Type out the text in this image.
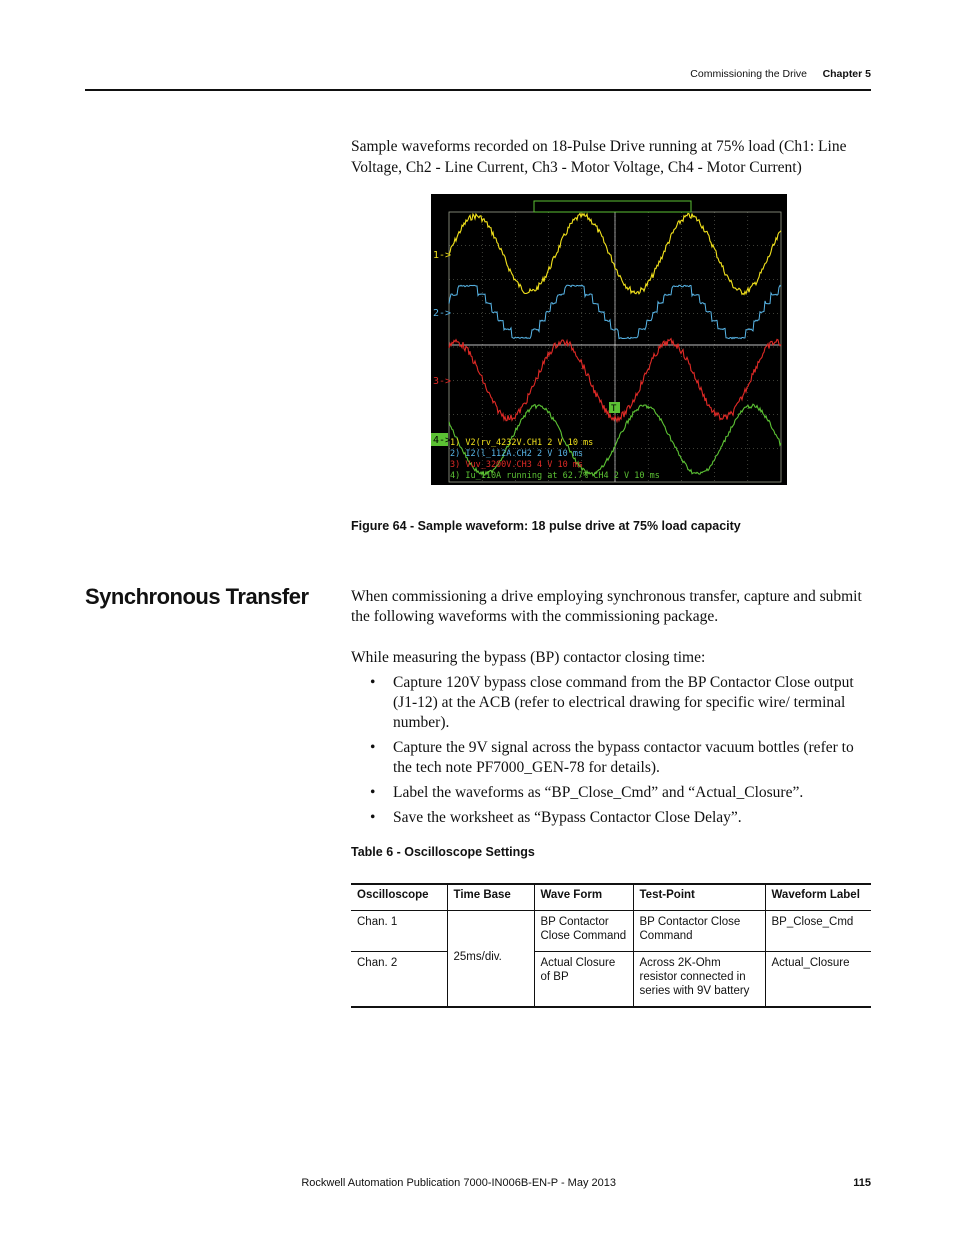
Commissioning the Drive Chapter 5
Sample waveforms recorded on 18-Pulse Drive running at 75% load (Ch1: Line Voltage, Ch2 - Line Current, Ch3 - Motor Voltage, Ch4 - Motor Current)
1->
2->
3->
4->
T
1) V2(rv_4232V.CH1 2 V 10 ms
2) I2(l_112A.CH2 2 V 10 ms
3) Vuv_3200V.CH3 4 V 10 ms
4) Iu_110A running at 62.7% CH4 2 V 10 ms
Figure 64 - Sample waveform: 18 pulse drive at 75% load capacity
Synchronous Transfer	When commissioning a drive employing synchronous transfer, capture and submit the following waveforms with the commissioning package.
While measuring the bypass (BP) contactor closing time:
• Capture 120V bypass close command from the BP Contactor Close output (J1-12) at the ACB (refer to electrical drawing for specific wire/ terminal number).
• Capture the 9V signal across the bypass contactor vacuum bottles (refer to the tech note PF7000_GEN-78 for details).
• Label the waveforms as “BP_Close_Cmd” and “Actual_Closure”.
• Save the worksheet as “Bypass Contactor Close Delay”.
Table 6 - Oscilloscope Settings
Oscilloscope	Time Base	Wave Form	Test-Point	Waveform Label
Chan. 1	25ms/div.	BP Contactor Close Command	BP Contactor Close Command	BP_Close_Cmd
Chan. 2		Actual Closure of BP	Across 2K-Ohm resistor connected in series with 9V battery	Actual_Closure
Rockwell Automation Publication 7000-IN006B-EN-P - May 2013	115
